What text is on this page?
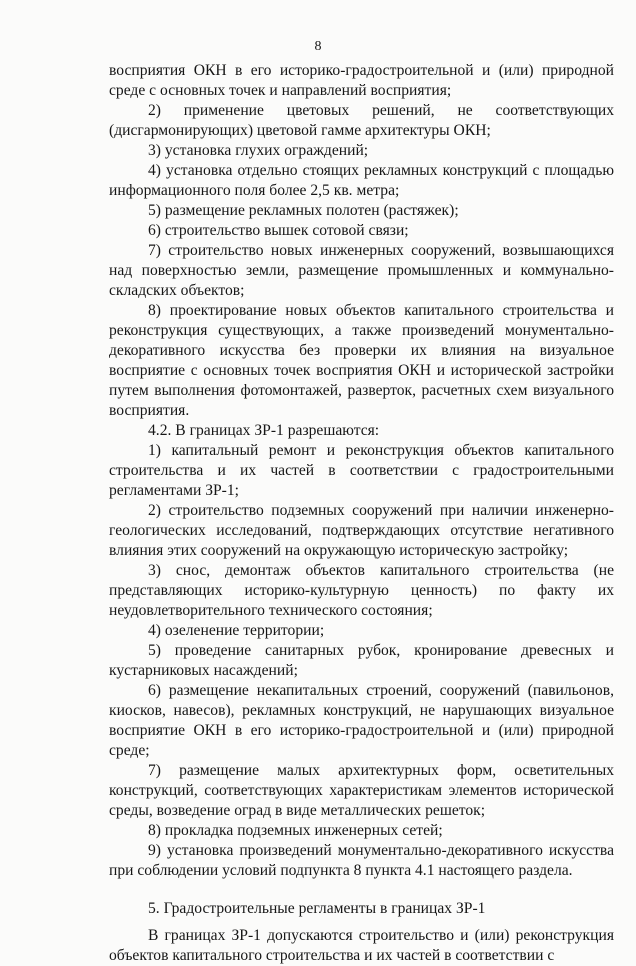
8

восприятия ОКН в его историко-градостроительной и (или) природной среде с основных точек и направлений восприятия;

2) применение цветовых решений, не соответствующих (дисгармонирующих) цветовой гамме архитектуры ОКН;

3) установка глухих ограждений;

4) установка отдельно стоящих рекламных конструкций с площадью информационного поля более 2,5 кв. метра;

5) размещение рекламных полотен (растяжек);

6) строительство вышек сотовой связи;

7) строительство новых инженерных сооружений, возвышающихся над поверхностью земли, размещение промышленных и коммунально-складских объектов;

8) проектирование новых объектов капитального строительства и реконструкция существующих, а также произведений монументально-декоративного искусства без проверки их влияния на визуальное восприятие с основных точек восприятия ОКН и исторической застройки путем выполнения фотомонтажей, разверток, расчетных схем визуального восприятия.

4.2. В границах ЗР-1 разрешаются:

1) капитальный ремонт и реконструкция объектов капитального строительства и их частей в соответствии с градостроительными регламентами ЗР-1;

2) строительство подземных сооружений при наличии инженерно-геологических исследований, подтверждающих отсутствие негативного влияния этих сооружений на окружающую историческую застройку;

3) снос, демонтаж объектов капитального строительства (не представляющих историко-культурную ценность) по факту их неудовлетворительного технического состояния;

4) озеленение территории;

5) проведение санитарных рубок, кронирование древесных и кустарниковых насаждений;

6) размещение некапитальных строений, сооружений (павильонов, киосков, навесов), рекламных конструкций, не нарушающих визуальное восприятие ОКН в его историко-градостроительной и (или) природной среде;

7) размещение малых архитектурных форм, осветительных конструкций, соответствующих характеристикам элементов исторической среды, возведение оград в виде металлических решеток;

8) прокладка подземных инженерных сетей;

9) установка произведений монументально-декоративного искусства при соблюдении условий подпункта 8 пункта 4.1 настоящего раздела.

5. Градостроительные регламенты в границах ЗР-1

В границах ЗР-1 допускаются строительство и (или) реконструкция объектов капитального строительства и их частей в соответствии с
